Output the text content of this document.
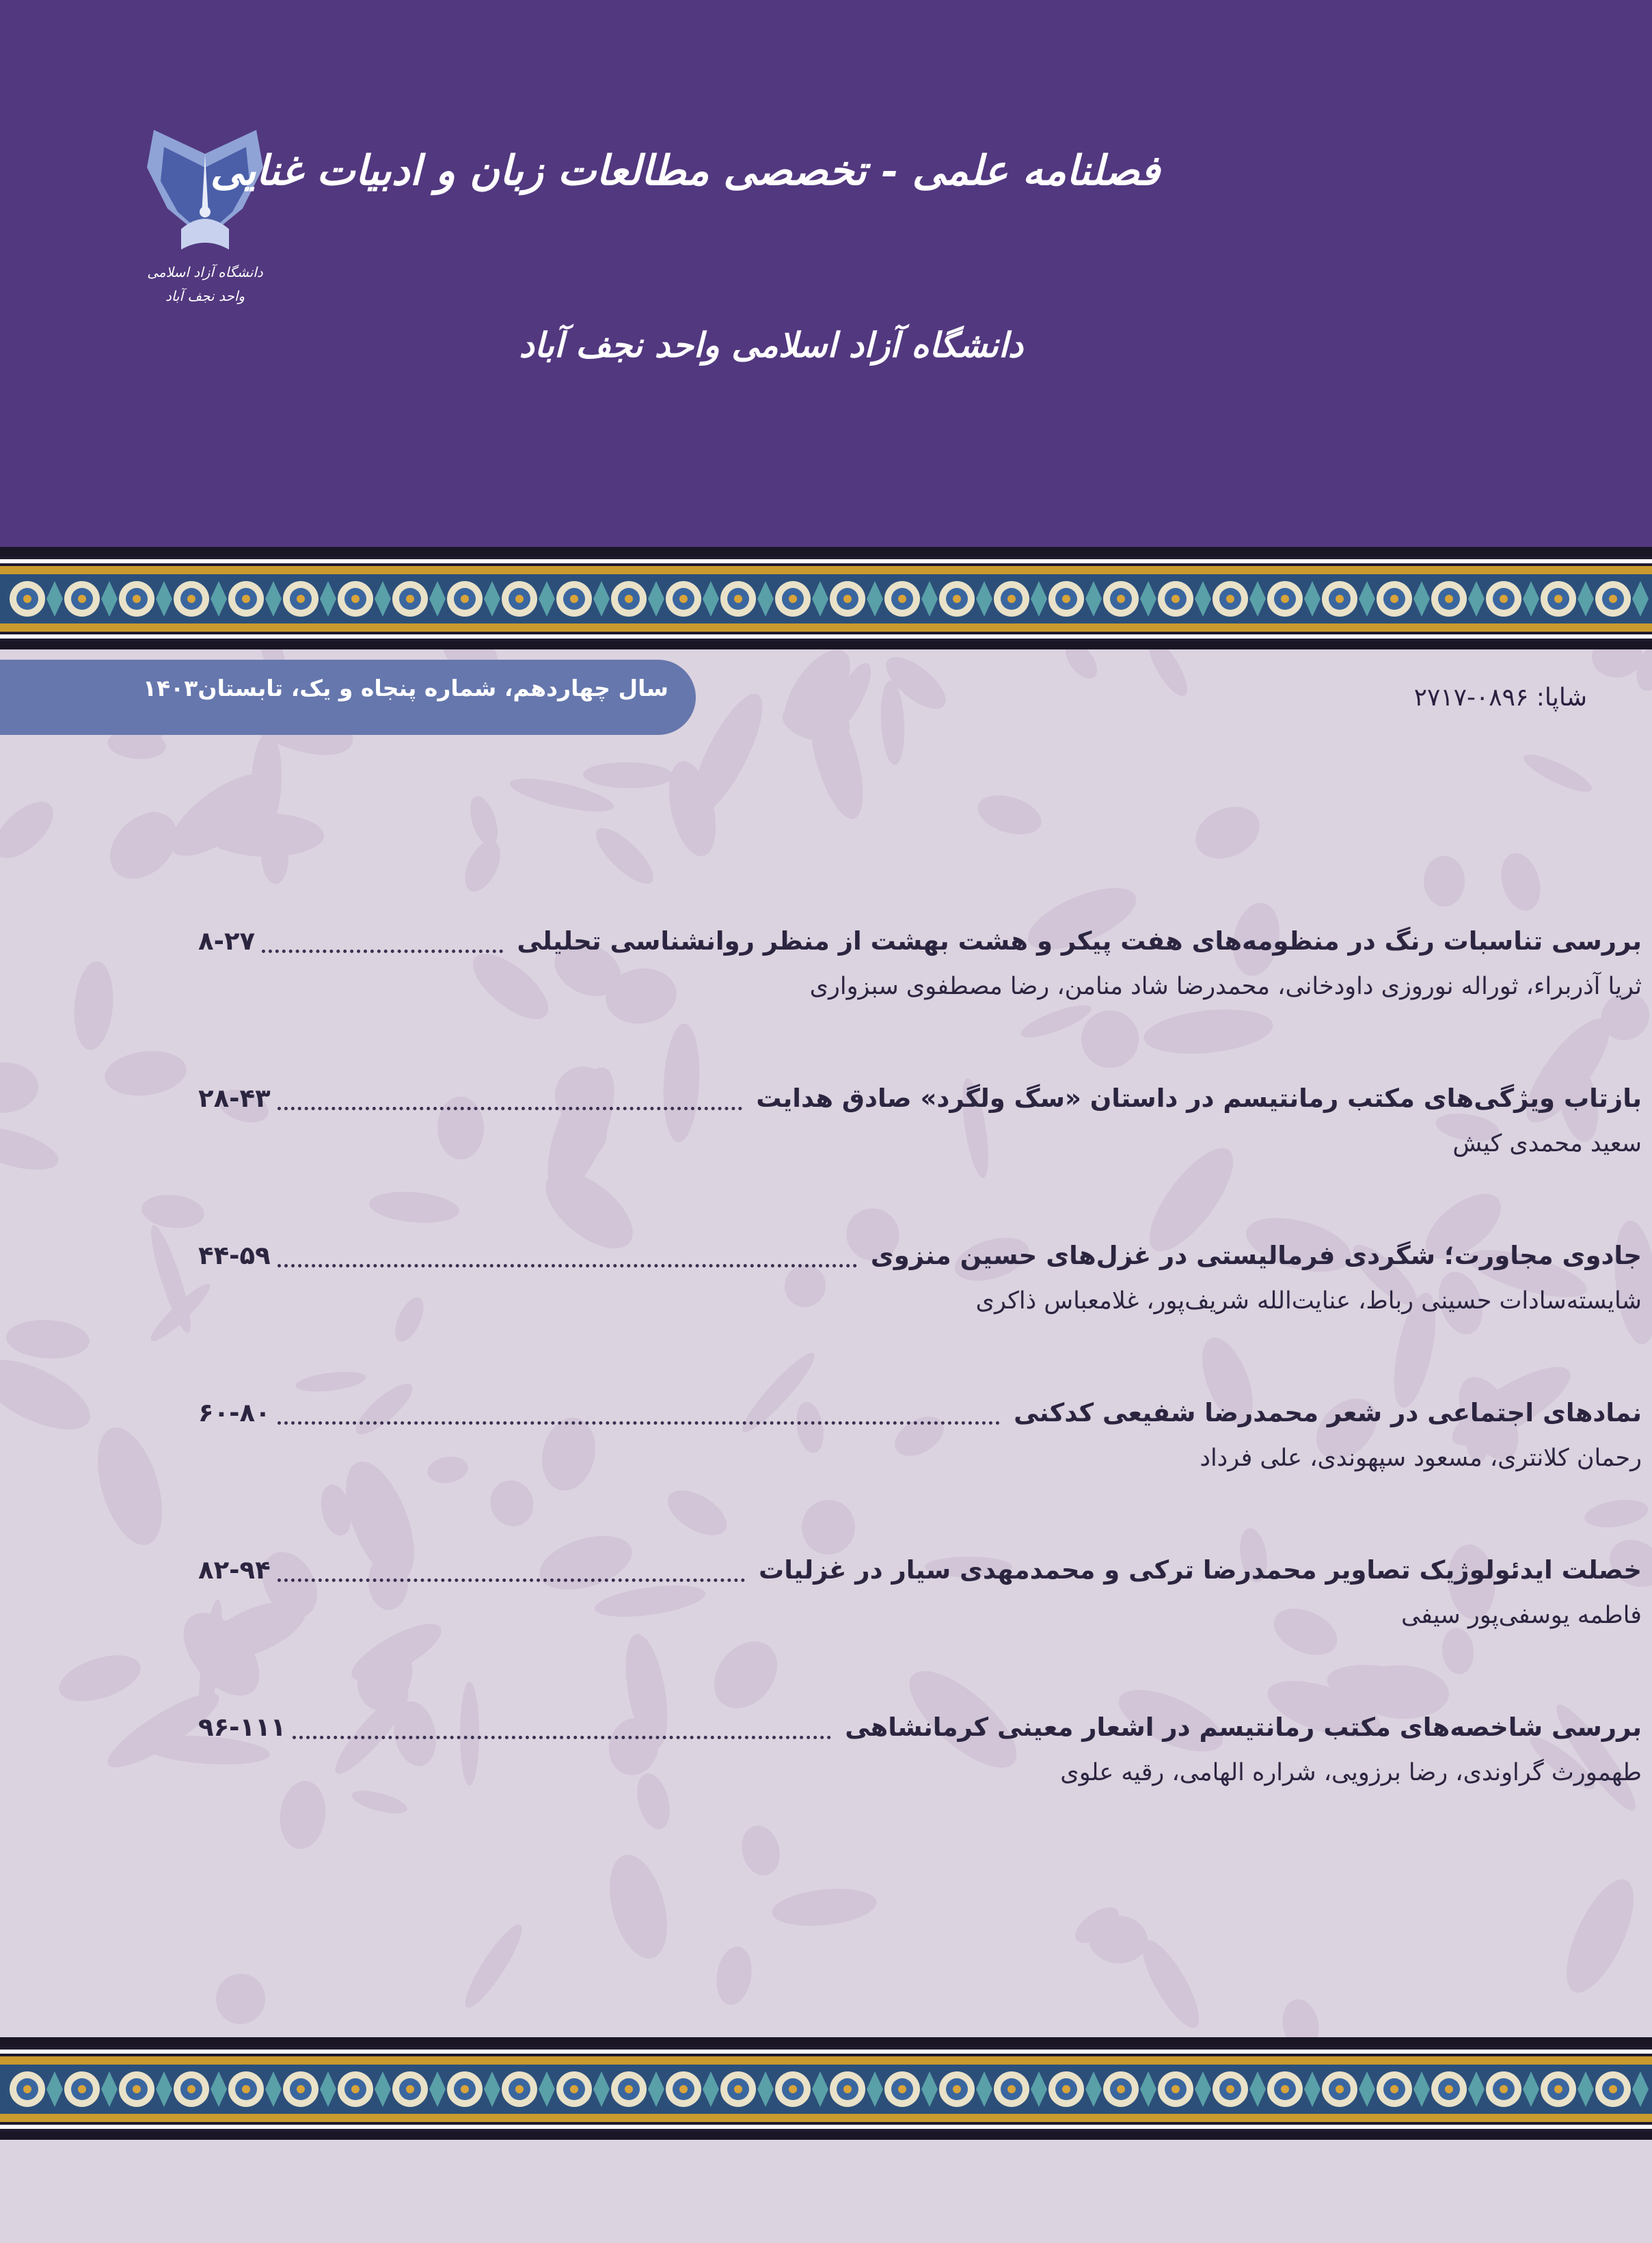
دانشگاه آزاد اسلامی
واحد نجف آباد
فصلنامه علمی - تخصصی مطالعات زبان و ادبیات غنایی
دانشگاه آزاد اسلامی واحد نجف آباد
سال چهاردهم، شماره پنجاه و یک، تابستان۱۴۰۳	شاپا: ۰۸۹۶-۲۷۱۷
۸-۲۷	بررسی تناسبات رنگ در منظومه‌های هفت پیکر و هشت بهشت از منظر روانشناسی تحلیلی
ثریا آذربراء، ثوراله نوروزی داودخانی، محمدرضا شاد منامن، رضا مصطفوی سبزواری
۲۸-۴۳	بازتاب ویژگی‌های مکتب رمانتیسم در داستان «سگ ولگرد» صادق هدایت
سعید محمدی کیش
۴۴-۵۹	جادوی مجاورت؛ شگردی فرمالیستی در غزل‌های حسین منزوی
شایسته‌سادات حسینی رباط، عنایت‌الله شریف‌پور، غلامعباس ذاکری
۶۰-۸۰	نمادهای اجتماعی در شعر محمدرضا شفیعی کدکنی
رحمان کلانتری، مسعود سپهوندی، علی فرداد
۸۲-۹۴	خصلت ایدئولوژیک تصاویر محمدرضا ترکی و محمدمهدی سیار در غزلیات
فاطمه یوسفی‌پور سیفی
۹۶-۱۱۱	بررسی شاخصه‌های مکتب رمانتیسم در اشعار معینی کرمانشاهی
طهمورث گراوندی، رضا برزویی، شراره الهامی، رقیه علوی
